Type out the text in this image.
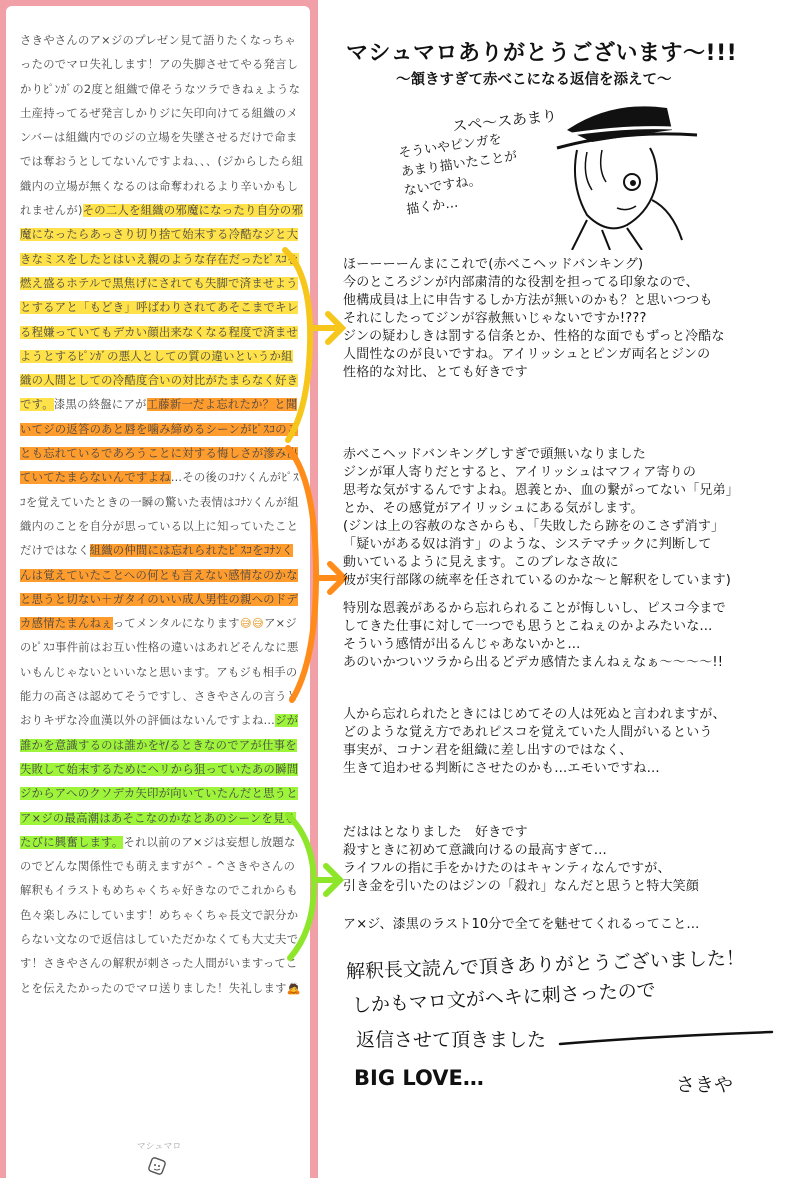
さきやさんのア×ジのプレゼン見て語りたくなっちゃったのでマロ失礼します！アの失脚させてやる発言しかりﾋﾟﾝｶﾞの2度と組織で偉そうなツラできねぇような土産持ってるぜ発言しかりジに矢印向けてる組織のメンバーは組織内でのジの立場を失墜させるだけで命までは奪おうとしてないんですよね、、、(ジからしたら組織内の立場が無くなるのは命奪われるより辛いかもしれませんが)その二人を組織の邪魔になったり自分の邪魔になったらあっさり切り捨て始末する冷酷なジと大きなミスをしたとはいえ親のような存在だったﾋﾟｽｺを燃え盛るホテルで黒焦げにされても失脚で済ませようとするアと「もどき」呼ばわりされてあそこまでキレる程嫌っていてもデカい顔出来なくなる程度で済ませようとするﾋﾟﾝｶﾞの悪人としての質の違いというか組織の人間としての冷酷度合いの対比がたまらなく好きです。漆黒の終盤にアが工藤新一だよ忘れたか？と聞いてジの返答のあと唇を噛み締めるシーンがﾋﾟｽｺのことも忘れているであろうことに対する悔しさが滲み出ていてたまらないんですよね…その後のｺﾅﾝくんがﾋﾟｽｺを覚えていたときの一瞬の驚いた表情はｺﾅﾝくんが組織内のことを自分が思っている以上に知っていたことだけではなく組織の仲間には忘れられたﾋﾟｽｺをｺﾅﾝくんは覚えていたことへの何とも言えない感情なのかなと思うと切ない＋ガタイのいい成人男性の親へのドデカ感情たまんねぇってメンタルになります😅😅ア×ジのﾋﾟｽｺ事件前はお互い性格の違いはあれどそんなに悪いもんじゃないといいなと思います。アもジも相手の能力の高さは認めてそうですし、さきやさんの言うとおりキザな冷血漢以外の評価はないんですよね…ジが誰かを意識するのは誰かをﾔ/るときなのでアが仕事を失敗して始末するためにヘリから狙っていたあの瞬間ジからアへのクソデカ矢印が向いていたんだと思うとア×ジの最高潮はあそこなのかなとあのシーンを見るたびに興奮します。それ以前のア×ジは妄想し放題なのでどんな関係性でも萌えますが^ - ^さきやさんの解釈もイラストもめちゃくちゃ好きなのでこれからも色々楽しみにしています！めちゃくちゃ長文で訳分からない文なので返信はしていただかなくても大丈夫です！さきやさんの解釈が刺さった人間がいますってことを伝えたかったのでマロ送りました！失礼します🙇

マシュマロ
マシュマロありがとうございます〜!!!
〜頷きすぎて赤べこになる返信を添えて〜
スペ〜スあまり
そういやピンガを
あまり描いたことが
ないですね。
描くか…

ほーーーーんまにこれで(赤べこヘッドバンキング)

今のところジンが内部粛清的な役割を担ってる印象なので、

他構成員は上に申告するしか方法が無いのかも？と思いつつも

それにしたってジンが容赦無いじゃないですか!???

ジンの疑わしきは罰する信条とか、性格的な面でもずっと冷酷な

人間性なのが良いですね。アイリッシュとピンガ両名とジンの

性格的な対比、とても好きです

赤べこヘッドバンキングしすぎで頭無いなりました

ジンが軍人寄りだとすると、アイリッシュはマフィア寄りの

思考な気がするんですよね。恩義とか、血の繋がってない「兄弟」

とか、その感覚がアイリッシュにある気がします。

(ジンは上の容赦のなさからも、「失敗したら跡をのこさず消す」

「疑いがある奴は消す」のような、システマチックに判断して

動いているように見えます。このブレなさ故に

彼が実行部隊の統率を任されているのかな〜と解釈をしています)

特別な恩義があるから忘れられることが悔しいし、ピスコ今まで

してきた仕事に対して一つでも思うとこねぇのかよみたいな…

そういう感情が出るんじゃあないかと…

あのいかついツラから出るどデカ感情たまんねぇなぁ〜〜〜〜!!

人から忘れられたときにはじめてその人は死ぬと言われますが、

どのような覚え方であれピスコを覚えていた人間がいるという

事実が、コナン君を組織に差し出すのではなく、

生きて追わせる判断にさせたのかも…エモいですね…

だははとなりました　好きです

殺すときに初めて意識向けるの最高すぎて…

ライフルの指に手をかけたのはキャンティなんですが、

引き金を引いたのはジンの「殺れ」なんだと思うと特大笑顔

ア×ジ、漆黒のラスト10分で全てを魅せてくれるってこと…

解釈長文読んで頂きありがとうございました！

しかもマロ文がヘキに刺さったので

返信させて頂きました

BIG LOVE…	さきや
